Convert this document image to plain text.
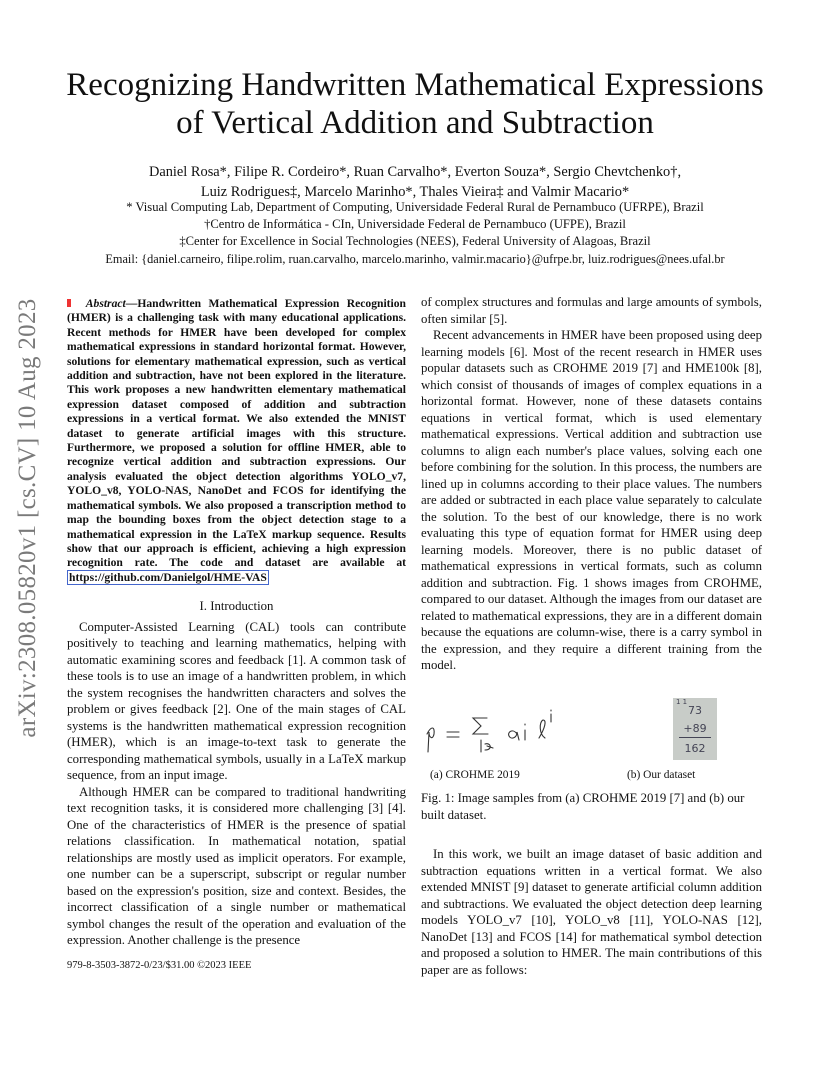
arXiv:2308.05820v1 [cs.CV] 10 Aug 2023
Recognizing Handwritten Mathematical Expressions
of Vertical Addition and Subtraction
Daniel Rosa*, Filipe R. Cordeiro*, Ruan Carvalho*, Everton Souza*, Sergio Chevtchenko†,
Luiz Rodrigues‡, Marcelo Marinho*, Thales Vieira‡ and Valmir Macario*
* Visual Computing Lab, Department of Computing, Universidade Federal Rural de Pernambuco (UFRPE), Brazil
†Centro de Informática - CIn, Universidade Federal de Pernambuco (UFPE), Brazil
‡Center for Excellence in Social Technologies (NEES), Federal University of Alagoas, Brazil
Email: {daniel.carneiro, filipe.rolim, ruan.carvalho, marcelo.marinho, valmir.macario}@ufrpe.br, luiz.rodrigues@nees.ufal.br

Abstract—Handwritten Mathematical Expression Recognition (HMER) is a challenging task with many educational applications. Recent methods for HMER have been developed for complex mathematical expressions in standard horizontal format. However, solutions for elementary mathematical expression, such as vertical addition and subtraction, have not been explored in the literature. This work proposes a new handwritten elementary mathematical expression dataset composed of addition and subtraction expressions in a vertical format. We also extended the MNIST dataset to generate artificial images with this structure. Furthermore, we proposed a solution for offline HMER, able to recognize vertical addition and subtraction expressions. Our analysis evaluated the object detection algorithms YOLO_v7, YOLO_v8, YOLO-NAS, NanoDet and FCOS for identifying the mathematical symbols. We also proposed a transcription method to map the bounding boxes from the object detection stage to a mathematical expression in the LaTeX markup sequence. Results show that our approach is efficient, achieving a high expression recognition rate. The code and dataset are available at https://github.com/Danielgol/HME-VAS

I. Introduction

Computer-Assisted Learning (CAL) tools can contribute positively to teaching and learning mathematics, helping with automatic examining scores and feedback [1]. A common task of these tools is to use an image of a handwritten problem, in which the system recognises the handwritten characters and solves the problem or gives feedback [2]. One of the main stages of CAL systems is the handwritten mathematical expression recognition (HMER), which is an image-to-text task to generate the corresponding mathematical symbols, usually in a LaTeX markup sequence, from an input image.

Although HMER can be compared to traditional handwriting text recognition tasks, it is considered more challenging [3] [4]. One of the characteristics of HMER is the presence of spatial relations classification. In mathematical notation, spatial relationships are mostly used as implicit operators. For example, one number can be a superscript, subscript or regular number based on the expression's position, size and context. Besides, the incorrect classification of a single number or mathematical symbol changes the result of the operation and evaluation of the expression. Another challenge is the presence

of complex structures and formulas and large amounts of symbols, often similar [5].

Recent advancements in HMER have been proposed using deep learning models [6]. Most of the recent research in HMER uses popular datasets such as CROHME 2019 [7] and HME100k [8], which consist of thousands of images of complex equations in a horizontal format. However, none of these datasets contains equations in vertical format, which is used elementary mathematical expressions. Vertical addition and subtraction use columns to align each number's place values, solving each one before combining for the solution. In this process, the numbers are lined up in columns according to their place values. The numbers are added or subtracted in each place value separately to calculate the solution. To the best of our knowledge, there is no work evaluating this type of equation format for HMER using deep learning models. Moreover, there is no public dataset of mathematical expressions in vertical formats, such as column addition and subtraction. Fig. 1 shows images from CROHME, compared to our dataset. Although the images from our dataset are related to mathematical expressions, they are in a different domain because the equations are column-wise, there is a carry symbol in the expression, and they require a different training from the model.

1 1
73
+89
162
(a) CROHME 2019	(b) Our dataset
Fig. 1: Image samples from (a) CROHME 2019 [7] and (b) our built dataset.

In this work, we built an image dataset of basic addition and subtraction equations written in a vertical format. We also extended MNIST [9] dataset to generate artificial column addition and subtractions. We evaluated the object detection deep learning models YOLO_v7 [10], YOLO_v8 [11], YOLO-NAS [12], NanoDet [13] and FCOS [14] for mathematical symbol detection and proposed a solution to HMER. The main contributions of this paper are as follows:

979-8-3503-3872-0/23/$31.00 ©2023 IEEE
